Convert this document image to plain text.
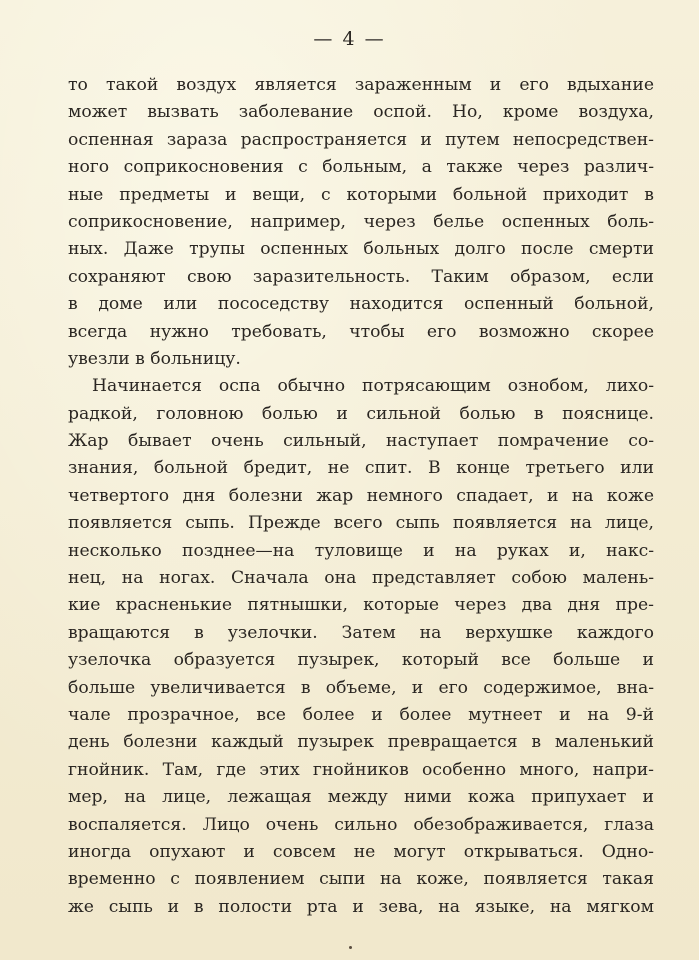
— 4 —
то такой воздух является зараженным и его вдыхание
может вызвать заболевание оспой. Но, кроме воздуха,
оспенная зараза распространяется и путем непосредствен-
ного соприкосновения с больным, а также через различ-
ные предметы и вещи, с которыми больной приходит в
соприкосновение, например, через белье оспенных боль-
ных. Даже трупы оспенных больных долго после смерти
сохраняют свою заразительность. Таким образом, если
в доме или пососедству находится оспенный больной,
всегда нужно требовать, чтобы его возможно скорее
увезли в больницу.
Начинается оспа обычно потрясающим ознобом, лихо-
радкой, головною болью и сильной болью в пояснице.
Жар бывает очень сильный, наступает помрачение со-
знания, больной бредит, не спит. В конце третьего или
четвертого дня болезни жар немного спадает, и на коже
появляется сыпь. Прежде всего сыпь появляется на лице,
несколько позднее—на туловище и на руках и, накс-
нец, на ногах. Сначала она представляет собою малень-
кие красненькие пятнышки, которые через два дня пре-
вращаются в узелочки. Затем на верхушке каждого
узелочка образуется пузырек, который все больше и
больше увеличивается в объеме, и его содержимое, вна-
чале прозрачное, все более и более мутнеет и на 9-й
день болезни каждый пузырек превращается в маленький
гнойник. Там, где этих гнойников особенно много, напри-
мер, на лице, лежащая между ними кожа припухает и
воспаляется. Лицо очень сильно обезображивается, глаза
иногда опухают и совсем не могут открываться. Одно-
временно с появлением сыпи на коже, появляется такая
же сыпь и в полости рта и зева, на языке, на мягком
